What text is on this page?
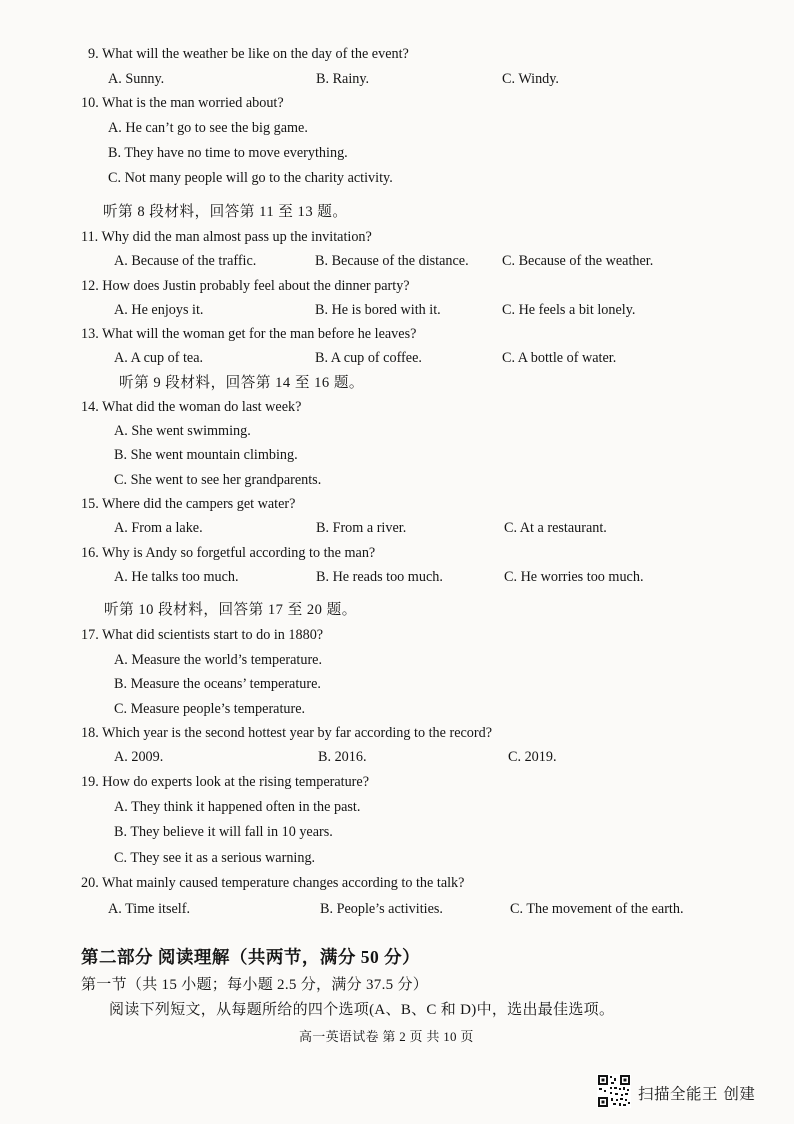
9. What will the weather be like on the day of the event?
A. Sunny.	B. Rainy.	C. Windy.
10. What is the man worried about?
A. He can’t go to see the big game.
B. They have no time to move everything.
C. Not many people will go to the charity activity.
听第 8 段材料，回答第 11 至 13 题。
11. Why did the man almost pass up the invitation?
A. Because of the traffic.	B. Because of the distance. C. Because of the weather.
12. How does Justin probably feel about the dinner party?
A. He enjoys it.	B. He is bored with it.	C. He feels a bit lonely.
13. What will the woman get for the man before he leaves?
A. A cup of tea.	B. A cup of coffee.	C. A bottle of water.
听第 9 段材料，回答第 14 至 16 题。
14. What did the woman do last week?
A. She went swimming.
B. She went mountain climbing.
C. She went to see her grandparents.
15. Where did the campers get water?
A. From a lake.	B. From a river.	C. At a restaurant.
16. Why is Andy so forgetful according to the man?
A. He talks too much.	B. He reads too much.	C. He worries too much.
听第 10 段材料，回答第 17 至 20 题。
17. What did scientists start to do in 1880?
A. Measure the world’s temperature.
B. Measure the oceans’ temperature.
C. Measure people’s temperature.
18. Which year is the second hottest year by far according to the record?
A. 2009.	B. 2016.	C. 2019.
19. How do experts look at the rising temperature?
A. They think it happened often in the past.
B. They believe it will fall in 10 years.
C. They see it as a serious warning.
20. What mainly caused temperature changes according to the talk?
A. Time itself.	B. People’s activities.	C. The movement of the earth.
第二部分 阅读理解（共两节，满分 50 分）
第一节（共 15 小题；每小题 2.5 分，满分 37.5 分）
阅读下列短文，从每题所给的四个选项(A、B、C 和 D)中，选出最佳选项。
高一英语试卷 第 2 页 共 10 页
扫描全能王 创建
